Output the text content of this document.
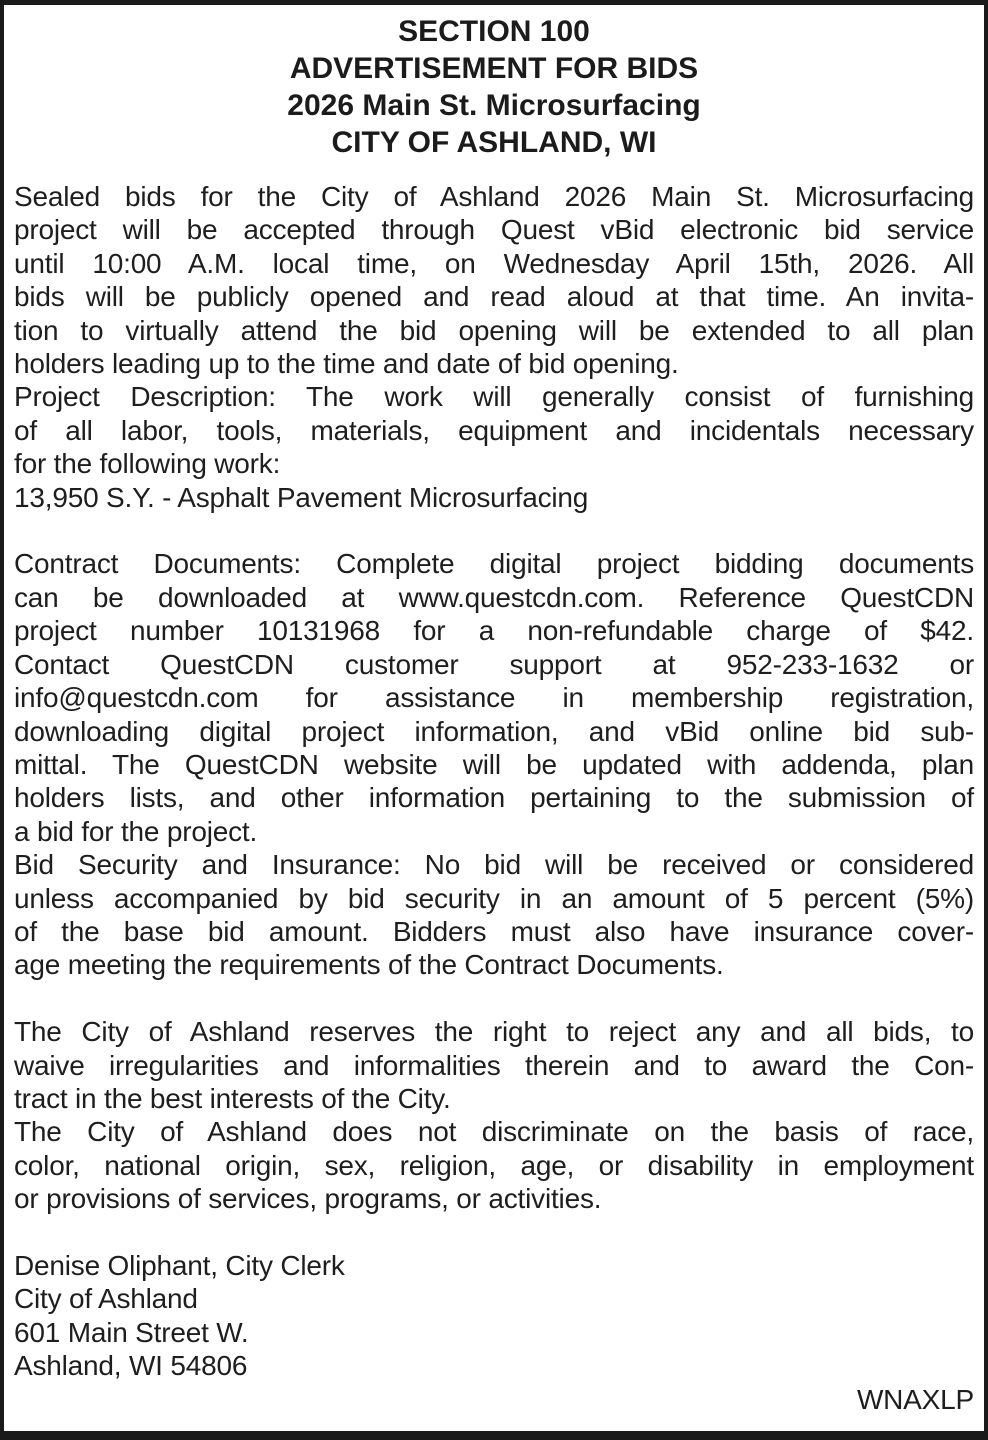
SECTION 100
ADVERTISEMENT FOR BIDS
2026 Main St. Microsurfacing
CITY OF ASHLAND, WI
Sealed bids for the City of Ashland 2026 Main St. Microsurfacing
project will be accepted through Quest vBid electronic bid service
until 10:00 A.M. local time, on Wednesday April 15th, 2026. All
bids will be publicly opened and read aloud at that time. An invita-
tion to virtually attend the bid opening will be extended to all plan
holders leading up to the time and date of bid opening.
Project Description: The work will generally consist of furnishing
of all labor, tools, materials, equipment and incidentals necessary
for the following work:
13,950 S.Y. - Asphalt Pavement Microsurfacing

Contract Documents: Complete digital project bidding documents
can be downloaded at www.questcdn.com. Reference QuestCDN
project number 10131968 for a non-refundable charge of $42.
Contact QuestCDN customer support at 952-233-1632 or
info@questcdn.com for assistance in membership registration,
downloading digital project information, and vBid online bid sub-
mittal. The QuestCDN website will be updated with addenda, plan
holders lists, and other information pertaining to the submission of
a bid for the project.
Bid Security and Insurance: No bid will be received or considered
unless accompanied by bid security in an amount of 5 percent (5%)
of the base bid amount. Bidders must also have insurance cover-
age meeting the requirements of the Contract Documents.

The City of Ashland reserves the right to reject any and all bids, to
waive irregularities and informalities therein and to award the Con-
tract in the best interests of the City.
The City of Ashland does not discriminate on the basis of race,
color, national origin, sex, religion, age, or disability in employment
or provisions of services, programs, or activities.

Denise Oliphant, City Clerk
City of Ashland
601 Main Street W.
Ashland, WI 54806
WNAXLP
